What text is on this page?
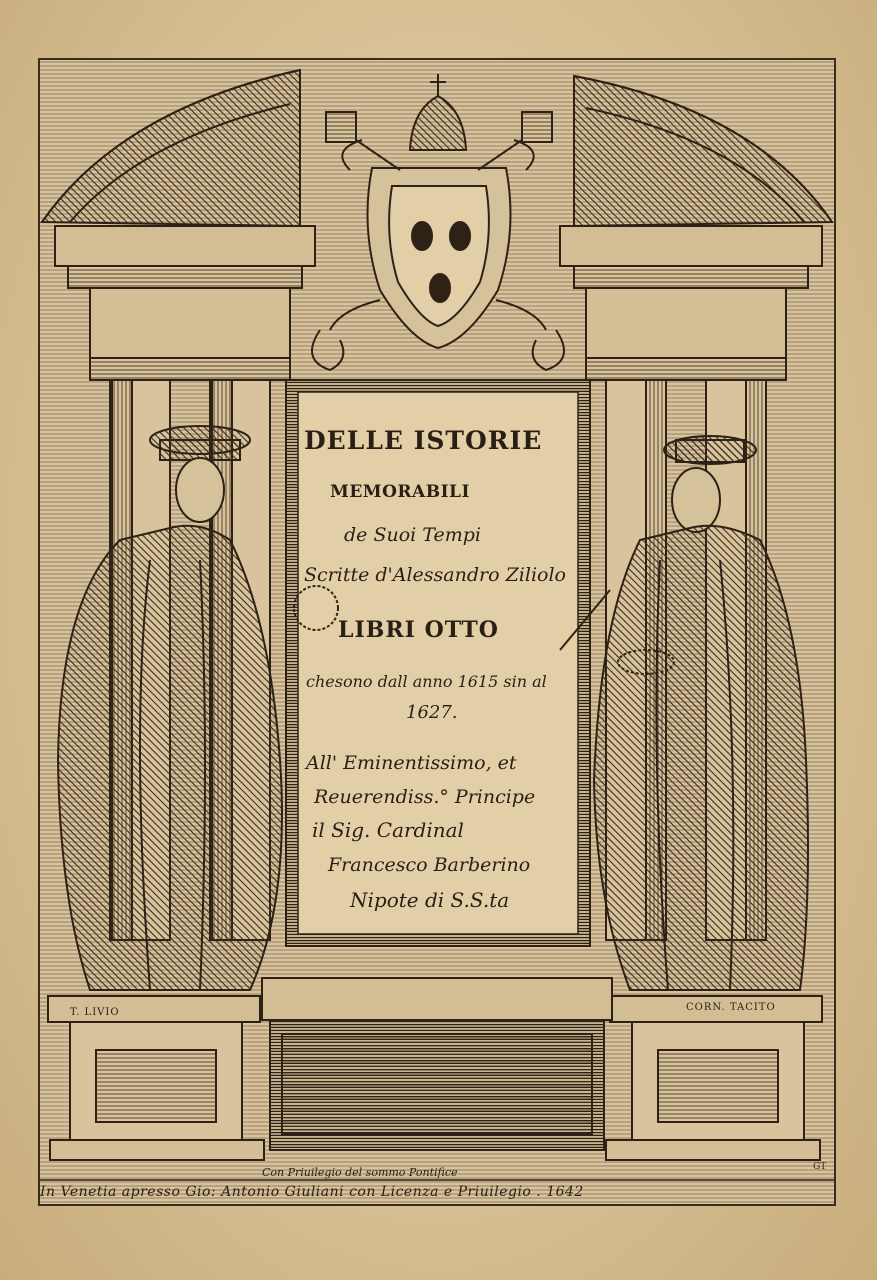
DELLE ISTORIE
MEMORABILI
de Suoi Tempi
Scritte d'Alessandro Ziliolo
LIBRI OTTO
chesono dall anno 1615 sin al
1627.
All' Eminentissimo, et
Reuerendiss.° Principe
il Sig. Cardinal
Francesco Barberino
Nipote di S.S.ta
T. LIVIO	CORN. TACITO
Con Priuilegio del sommo Pontifice	GT
In Venetia apresso Gio: Antonio Giuliani con Licenza e Priuilegio . 1642
